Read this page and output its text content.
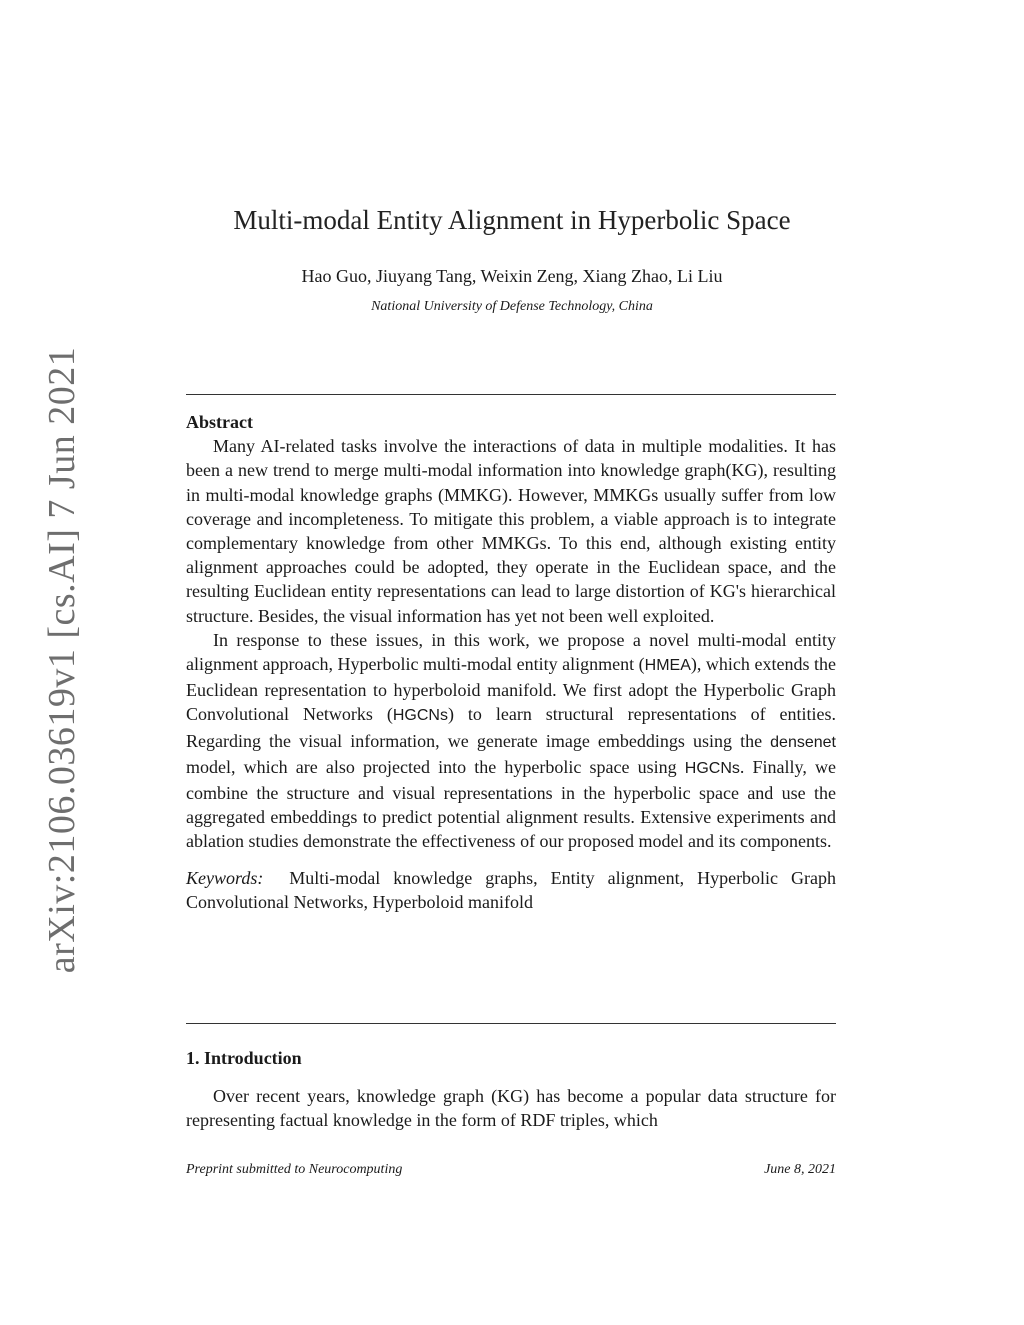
arXiv:2106.03619v1 [cs.AI] 7 Jun 2021
Multi-modal Entity Alignment in Hyperbolic Space
Hao Guo, Jiuyang Tang, Weixin Zeng, Xiang Zhao, Li Liu
National University of Defense Technology, China

Abstract

Many AI-related tasks involve the interactions of data in multiple modalities. It has been a new trend to merge multi-modal information into knowledge graph(KG), resulting in multi-modal knowledge graphs (MMKG). However, MMKGs usually suffer from low coverage and incompleteness. To mitigate this problem, a viable approach is to integrate complementary knowledge from other MMKGs. To this end, although existing entity alignment approaches could be adopted, they operate in the Euclidean space, and the resulting Euclidean entity representations can lead to large distortion of KG's hierarchical structure. Besides, the visual information has yet not been well exploited.

In response to these issues, in this work, we propose a novel multi-modal entity alignment approach, Hyperbolic multi-modal entity alignment (HMEA), which extends the Euclidean representation to hyperboloid manifold. We first adopt the Hyperbolic Graph Convolutional Networks (HGCNs) to learn structural representations of entities. Regarding the visual information, we generate image embeddings using the densenet model, which are also projected into the hyperbolic space using HGCNs. Finally, we combine the structure and visual representations in the hyperbolic space and use the aggregated embeddings to predict potential alignment results. Extensive experiments and ablation studies demonstrate the effectiveness of our proposed model and its components.

Keywords: Multi-modal knowledge graphs, Entity alignment, Hyperbolic Graph Convolutional Networks, Hyperboloid manifold

1. Introduction

Over recent years, knowledge graph (KG) has become a popular data structure for representing factual knowledge in the form of RDF triples, which

Preprint submitted to Neurocomputing	June 8, 2021
